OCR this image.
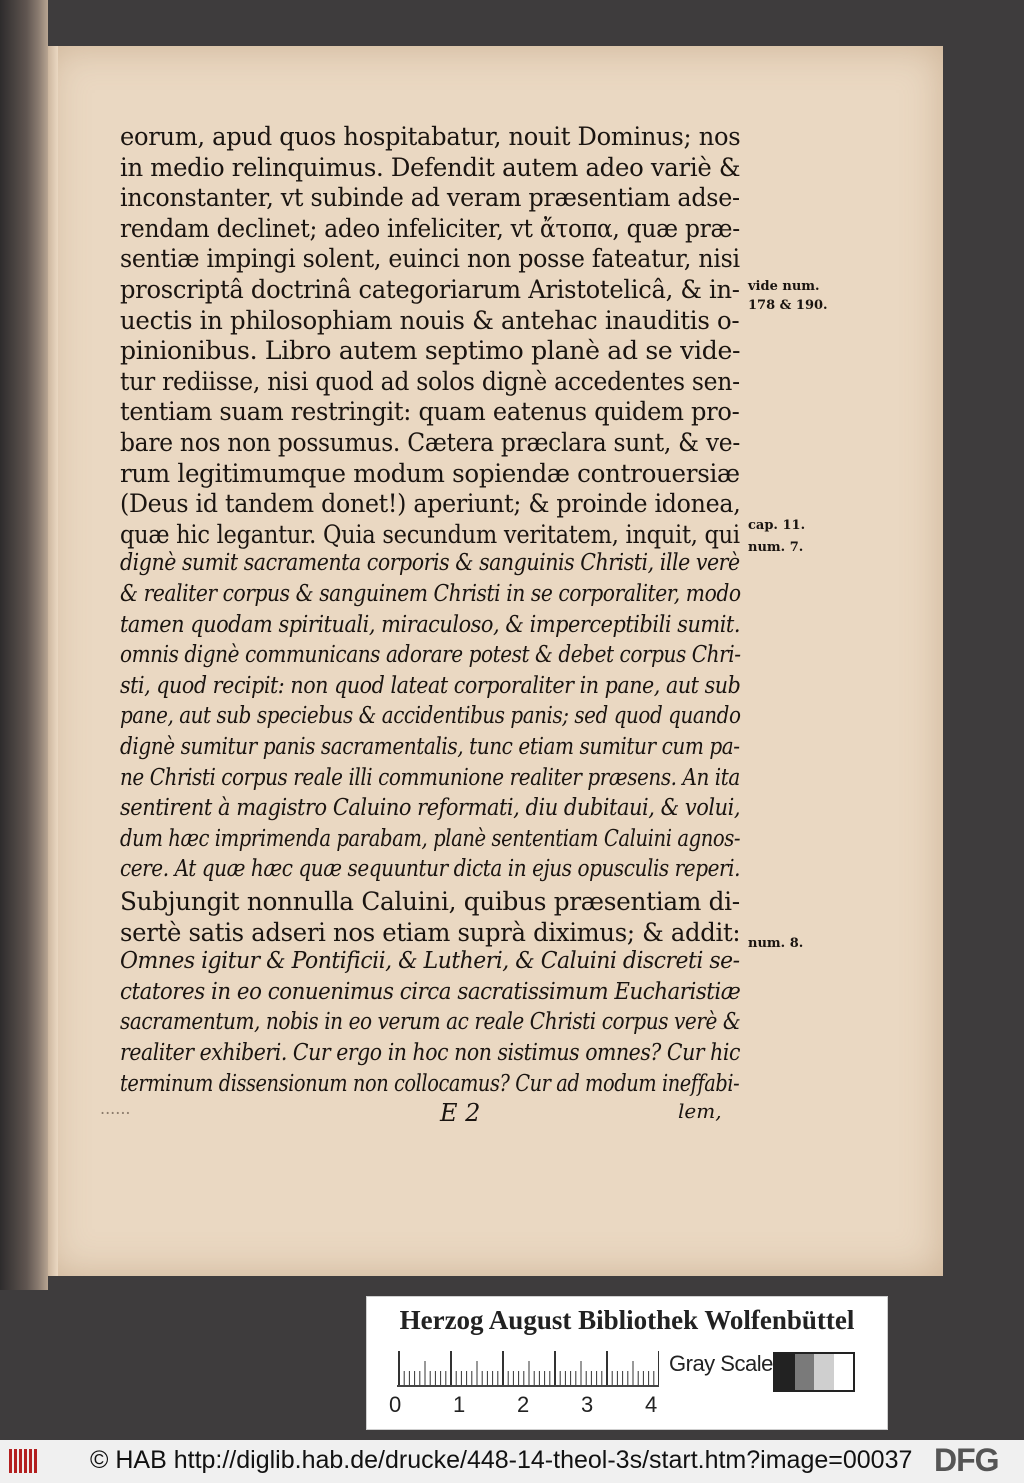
eorum, apud quos hospitabatur, nouit Dominus; nos
in medio relinquimus. Defendit autem adeo variè &
inconstanter, vt subinde ad veram præsentiam adse-
rendam declinet; adeo infeliciter, vt ἄτοπα, quæ præ-
sentiæ impingi solent, euinci non posse fateatur, nisi
proscriptâ doctrinâ categoriarum Aristotelicâ, & in-
uectis in philosophiam nouis & antehac inauditis o-
pinionibus. Libro autem septimo planè ad se vide-
tur rediisse, nisi quod ad solos dignè accedentes sen-
tentiam suam restringit: quam eatenus quidem pro-
bare nos non possumus. Cætera præclara sunt, & ve-
rum legitimumque modum sopiendæ controuersiæ
(Deus id tandem donet!) aperiunt; & proinde idonea,
quæ hic legantur. Quia secundum veritatem, inquit, qui
dignè sumit sacramenta corporis & sanguinis Christi, ille verè
& realiter corpus & sanguinem Christi in se corporaliter, modo
tamen quodam spirituali, miraculoso, & imperceptibili sumit.
omnis dignè communicans adorare potest & debet corpus Chri-
sti, quod recipit: non quod lateat corporaliter in pane, aut sub
pane, aut sub speciebus & accidentibus panis; sed quod quando
dignè sumitur panis sacramentalis, tunc etiam sumitur cum pa-
ne Christi corpus reale illi communione realiter præsens. An ita
sentirent à magistro Caluino reformati, diu dubitaui, & volui,
dum hæc imprimenda parabam, planè sententiam Caluini agnos-
cere. At quæ hæc quæ sequuntur dicta in ejus opusculis reperi.
Subjungit nonnulla Caluini, quibus præsentiam di-
sertè satis adseri nos etiam suprà diximus; & addit:
Omnes igitur & Pontificii, & Lutheri, & Caluini discreti se-
ctatores in eo conuenimus circa sacratissimum Eucharistiæ
sacramentum, nobis in eo verum ac reale Christi corpus verè &
realiter exhiberi. Cur ergo in hoc non sistimus omnes? Cur hic
terminum dissensionum non collocamus? Cur ad modum ineffabi-
vide num.
178 & 190.
cap. 11.
num. 7.
num. 8.
......	E 2	lem,
Herzog August Bibliothek Wolfenbüttel
0 1 2 3 4
Gray Scale
© HAB http://diglib.hab.de/drucke/448-14-theol-3s/start.htm?image=00037 DFG
